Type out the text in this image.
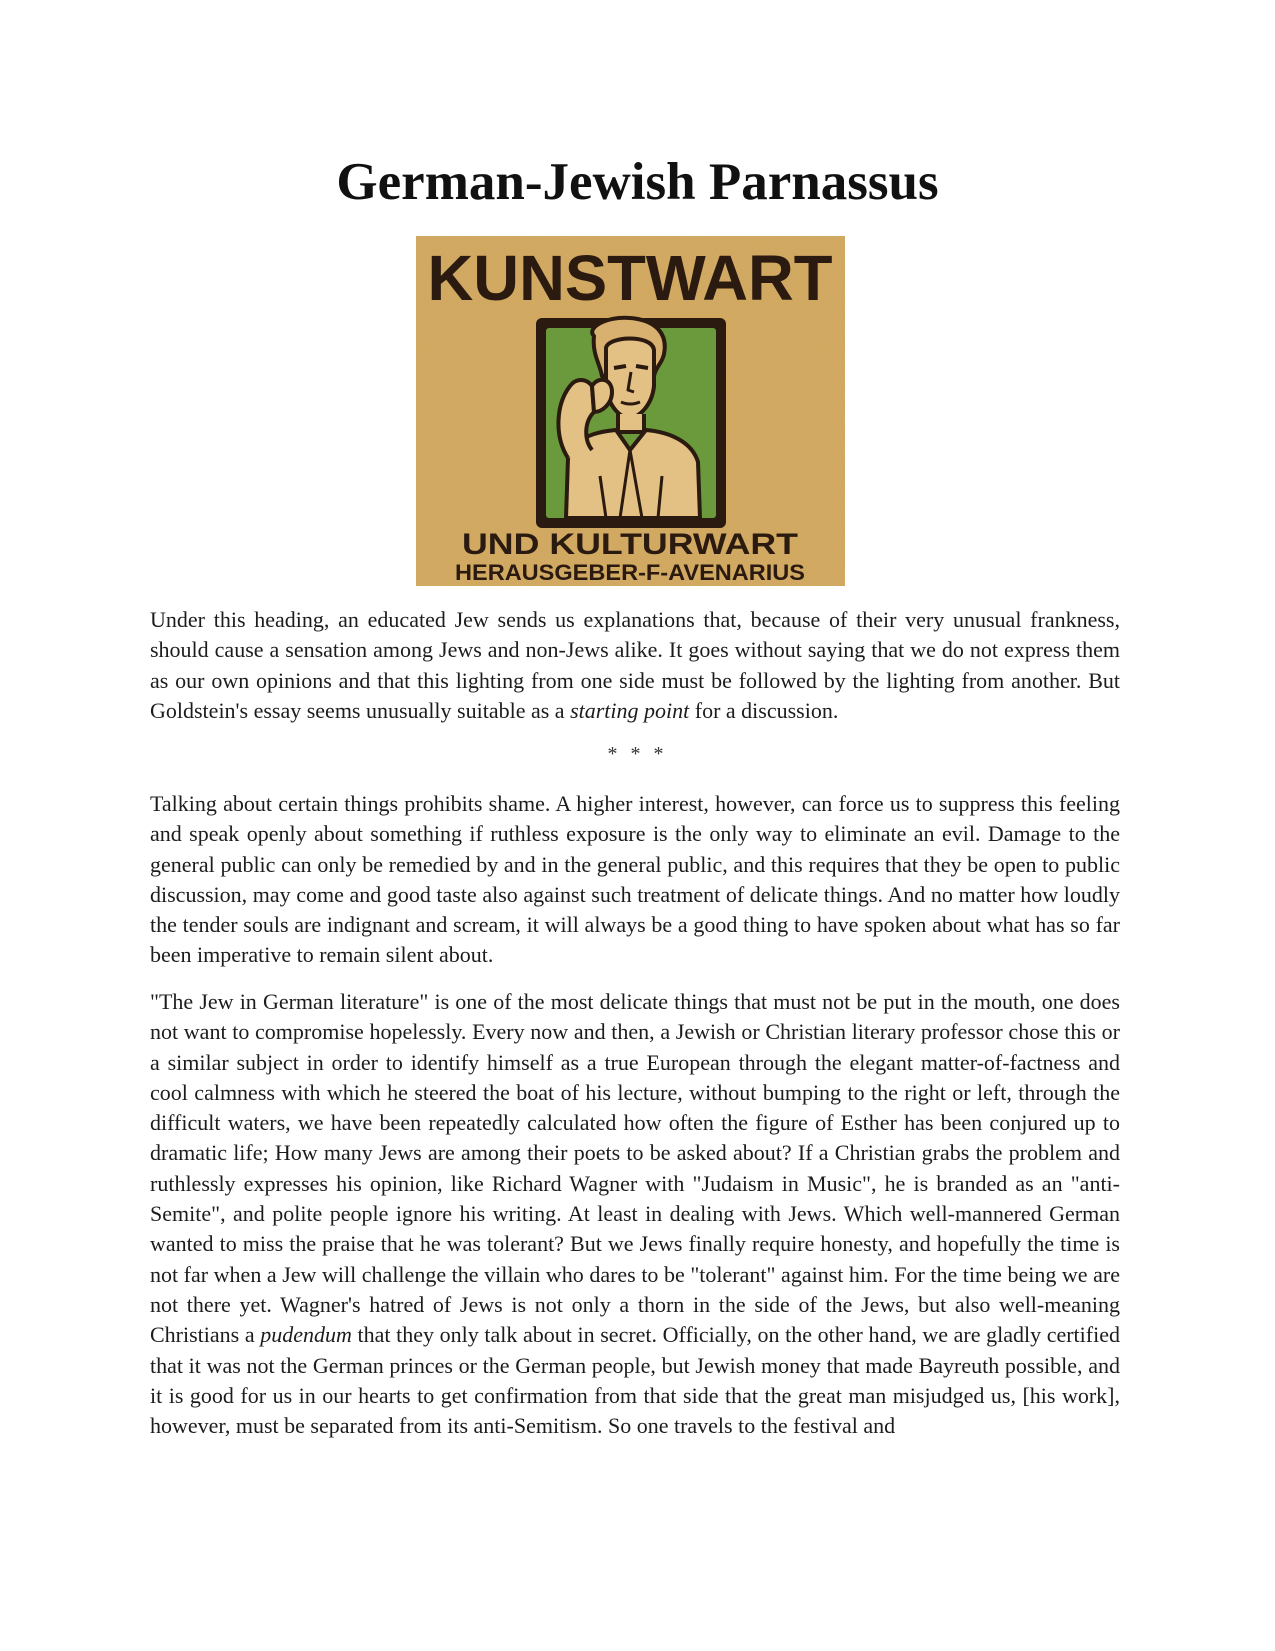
German-Jewish Parnassus
KUNSTWART
UND KULTURWART
HERAUSGEBER-F-AVENARIUS

Under this heading, an educated Jew sends us explanations that, because of their very unusual frankness, should cause a sensation among Jews and non-Jews alike. It goes without saying that we do not express them as our own opinions and that this lighting from one side must be followed by the lighting from another. But Goldstein's essay seems unusually suitable as a starting point for a discussion.

* * *

Talking about certain things prohibits shame. A higher interest, however, can force us to suppress this feeling and speak openly about something if ruthless exposure is the only way to eliminate an evil. Damage to the general public can only be remedied by and in the general public, and this requires that they be open to public discussion, may come and good taste also against such treatment of delicate things. And no matter how loudly the tender souls are indignant and scream, it will always be a good thing to have spoken about what has so far been imperative to remain silent about.

"The Jew in German literature" is one of the most delicate things that must not be put in the mouth, one does not want to compromise hopelessly. Every now and then, a Jewish or Christian literary professor chose this or a similar subject in order to identify himself as a true European through the elegant matter-of-factness and cool calmness with which he steered the boat of his lecture, without bumping to the right or left, through the difficult waters, we have been repeatedly calculated how often the figure of Esther has been conjured up to dramatic life; How many Jews are among their poets to be asked about? If a Christian grabs the problem and ruthlessly expresses his opinion, like Richard Wagner with "Judaism in Music", he is branded as an "anti-Semite", and polite people ignore his writing. At least in dealing with Jews. Which well-mannered German wanted to miss the praise that he was tolerant? But we Jews finally require honesty, and hopefully the time is not far when a Jew will challenge the villain who dares to be "tolerant" against him. For the time being we are not there yet. Wagner's hatred of Jews is not only a thorn in the side of the Jews, but also well-meaning Christians a pudendum that they only talk about in secret. Officially, on the other hand, we are gladly certified that it was not the German princes or the German people, but Jewish money that made Bayreuth possible, and it is good for us in our hearts to get confirmation from that side that the great man misjudged us, [his work], however, must be separated from its anti-Semitism. So one travels to the festival and
